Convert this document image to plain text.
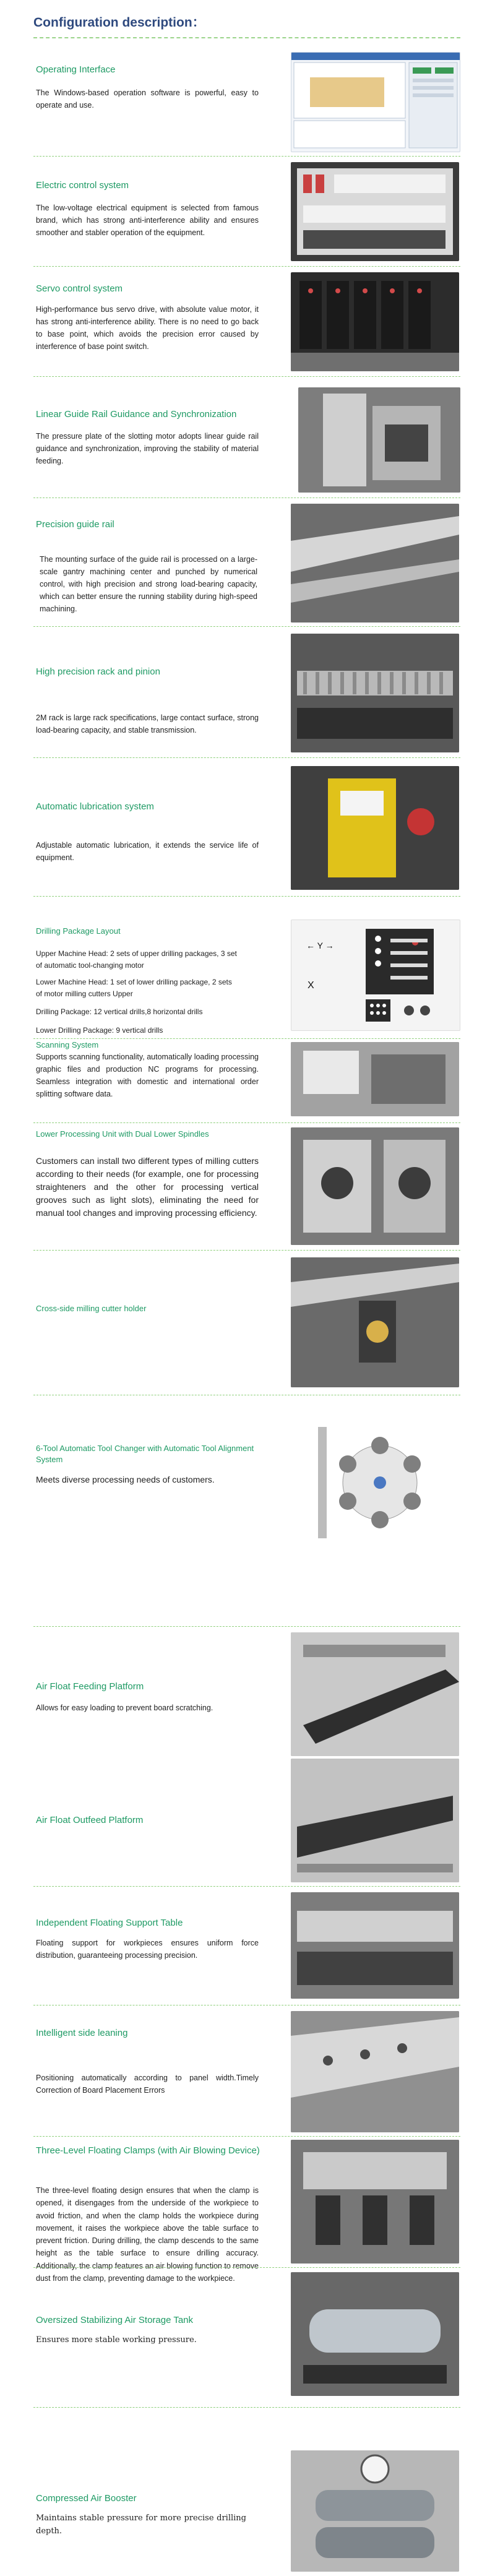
Configuration description：
Operating Interface

The Windows-based operation software is powerful, easy to operate and use.

Electric control system

The low-voltage electrical equipment is selected from famous brand, which has strong anti-interference ability and ensures smoother and stabler operation of the equipment.

Servo control system

High-performance bus servo drive, with absolute value motor, it has strong anti-interference ability. There is no need to go back to base point, which avoids the precision error caused by interference of base point switch.

Linear Guide Rail Guidance and Synchronization

The pressure plate of the slotting motor adopts linear guide rail guidance and synchronization, improving the stability of material feeding.

Precision guide rail

The mounting surface of the guide rail is processed on a large-scale gantry machining center and punched by numerical control, with high precision and strong load-bearing capacity, which can better ensure the running stability during high-speed machining.

High precision rack and pinion

2M rack is large rack specifications, large contact surface, strong load-bearing capacity, and stable transmission.

Automatic lubrication system

Adjustable automatic lubrication, it extends the service life of equipment.

Drilling Package Layout

Upper Machine Head: 2 sets of upper drilling packages, 3 set of automatic tool-changing motor

Lower Machine Head: 1 set of lower drilling package, 2 sets of motor milling cutters Upper

Drilling Package: 12 vertical drills,8 horizontal drills

Lower Drilling Package: 9 vertical drills

← Y →
X
Scanning System

Supports scanning functionality, automatically loading processing graphic files and production NC programs for processing. Seamless integration with domestic and international order splitting software data.

Lower Processing Unit with Dual Lower Spindles

Customers can install two different types of milling cutters according to their needs (for example, one for processing straighteners and the other for processing vertical grooves such as light slots), eliminating the need for manual tool changes and improving processing efficiency.

Cross-side milling cutter holder
6-Tool Automatic Tool Changer with Automatic Tool Alignment System

Meets diverse processing needs of customers.

Air Float Feeding Platform

Allows for easy loading to prevent board scratching.

Air Float Outfeed Platform
Independent Floating Support Table

Floating support for workpieces ensures uniform force distribution, guaranteeing processing precision.

Intelligent side leaning

Positioning automatically according to panel width.Timely Correction of Board Placement Errors

Three-Level Floating Clamps (with Air Blowing Device)

The three-level floating design ensures that when the clamp is opened, it disengages from the underside of the workpiece to avoid friction, and when the clamp holds the workpiece during movement, it raises the workpiece above the table surface to prevent friction. During drilling, the clamp descends to the same height as the table surface to ensure drilling accuracy. Additionally, the clamp features an air blowing function to remove dust from the clamp, preventing damage to the workpiece.

Oversized Stabilizing Air Storage Tank

Ensures more stable working pressure.

Compressed Air Booster

Maintains stable pressure for more precise drilling depth.
